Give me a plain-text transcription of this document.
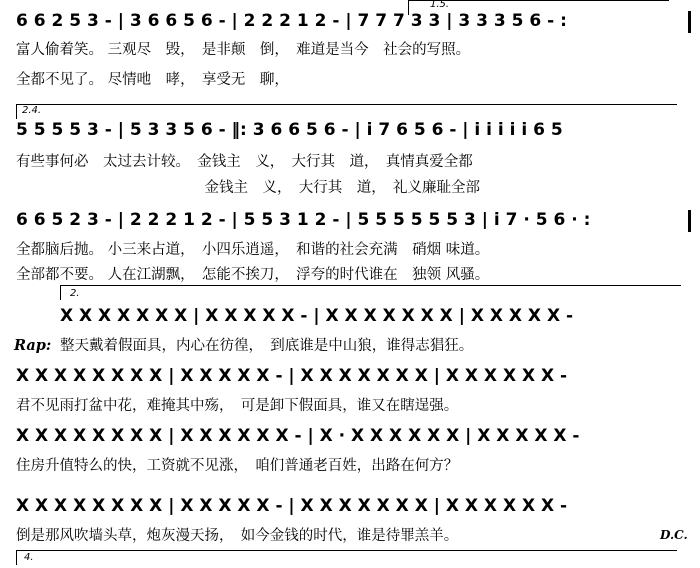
1.5.
6 6 2 5 3 - | 3 6 6 5 6 - | 2 2 2 1 2 - | 7 7 7 3 3 | 3 3 3 5 6 - :
富人偷着笑。 三观尽　毁，　是非颠　倒，　难道是当今　社会的写照。
全都不见了。 尽情吔　哮，　享受无　聊，
2.4.
5 5 5 5 3 - | 5 3 3 5 6 - ‖: 3 6 6 5 6 - | i 7 6 5 6 - | i i i i i 6 5
有些事何必　太过去计较。　金钱主　义，　大行其　道，　真情真爱全都
　　　　　　　　　　　　　金钱主　义，　大行其　道，　礼义廉耻全部
6 6 5 2 3 - | 2 2 2 1 2 - | 5 5 3 1 2 - | 5 5 5 5 5 5 3 | i 7 · 5 6 · :
全都脑后抛。 小三来占道，　小四乐逍遥，　和谐的社会充满　硝烟 味道。
全部都不要。 人在江湖飘，　怎能不挨刀，　浮夸的时代谁在　独领 风骚。
2.
X X X X X X X | X X X X X - | X X X X X X X | X X X X X -
Rap: 整天戴着假面具，内心在彷徨，　到底谁是中山狼，谁得志猖狂。
X X X X X X X X | X X X X X - | X X X X X X X | X X X X X X -
君不见雨打盆中花，难掩其中殇，　可是卸下假面具，谁又在瞎逞强。
X X X X X X X X | X X X X X X - | X · X X X X X X | X X X X X -
住房升值特么的快，工资就不见涨，　咱们普通老百姓，出路在何方？
X X X X X X X X | X X X X X - | X X X X X X X | X X X X X X -
倒是那风吹墙头草，炮灰漫天扬，　如今金钱的时代，谁是待罪羔羊。	D.C.
4.
